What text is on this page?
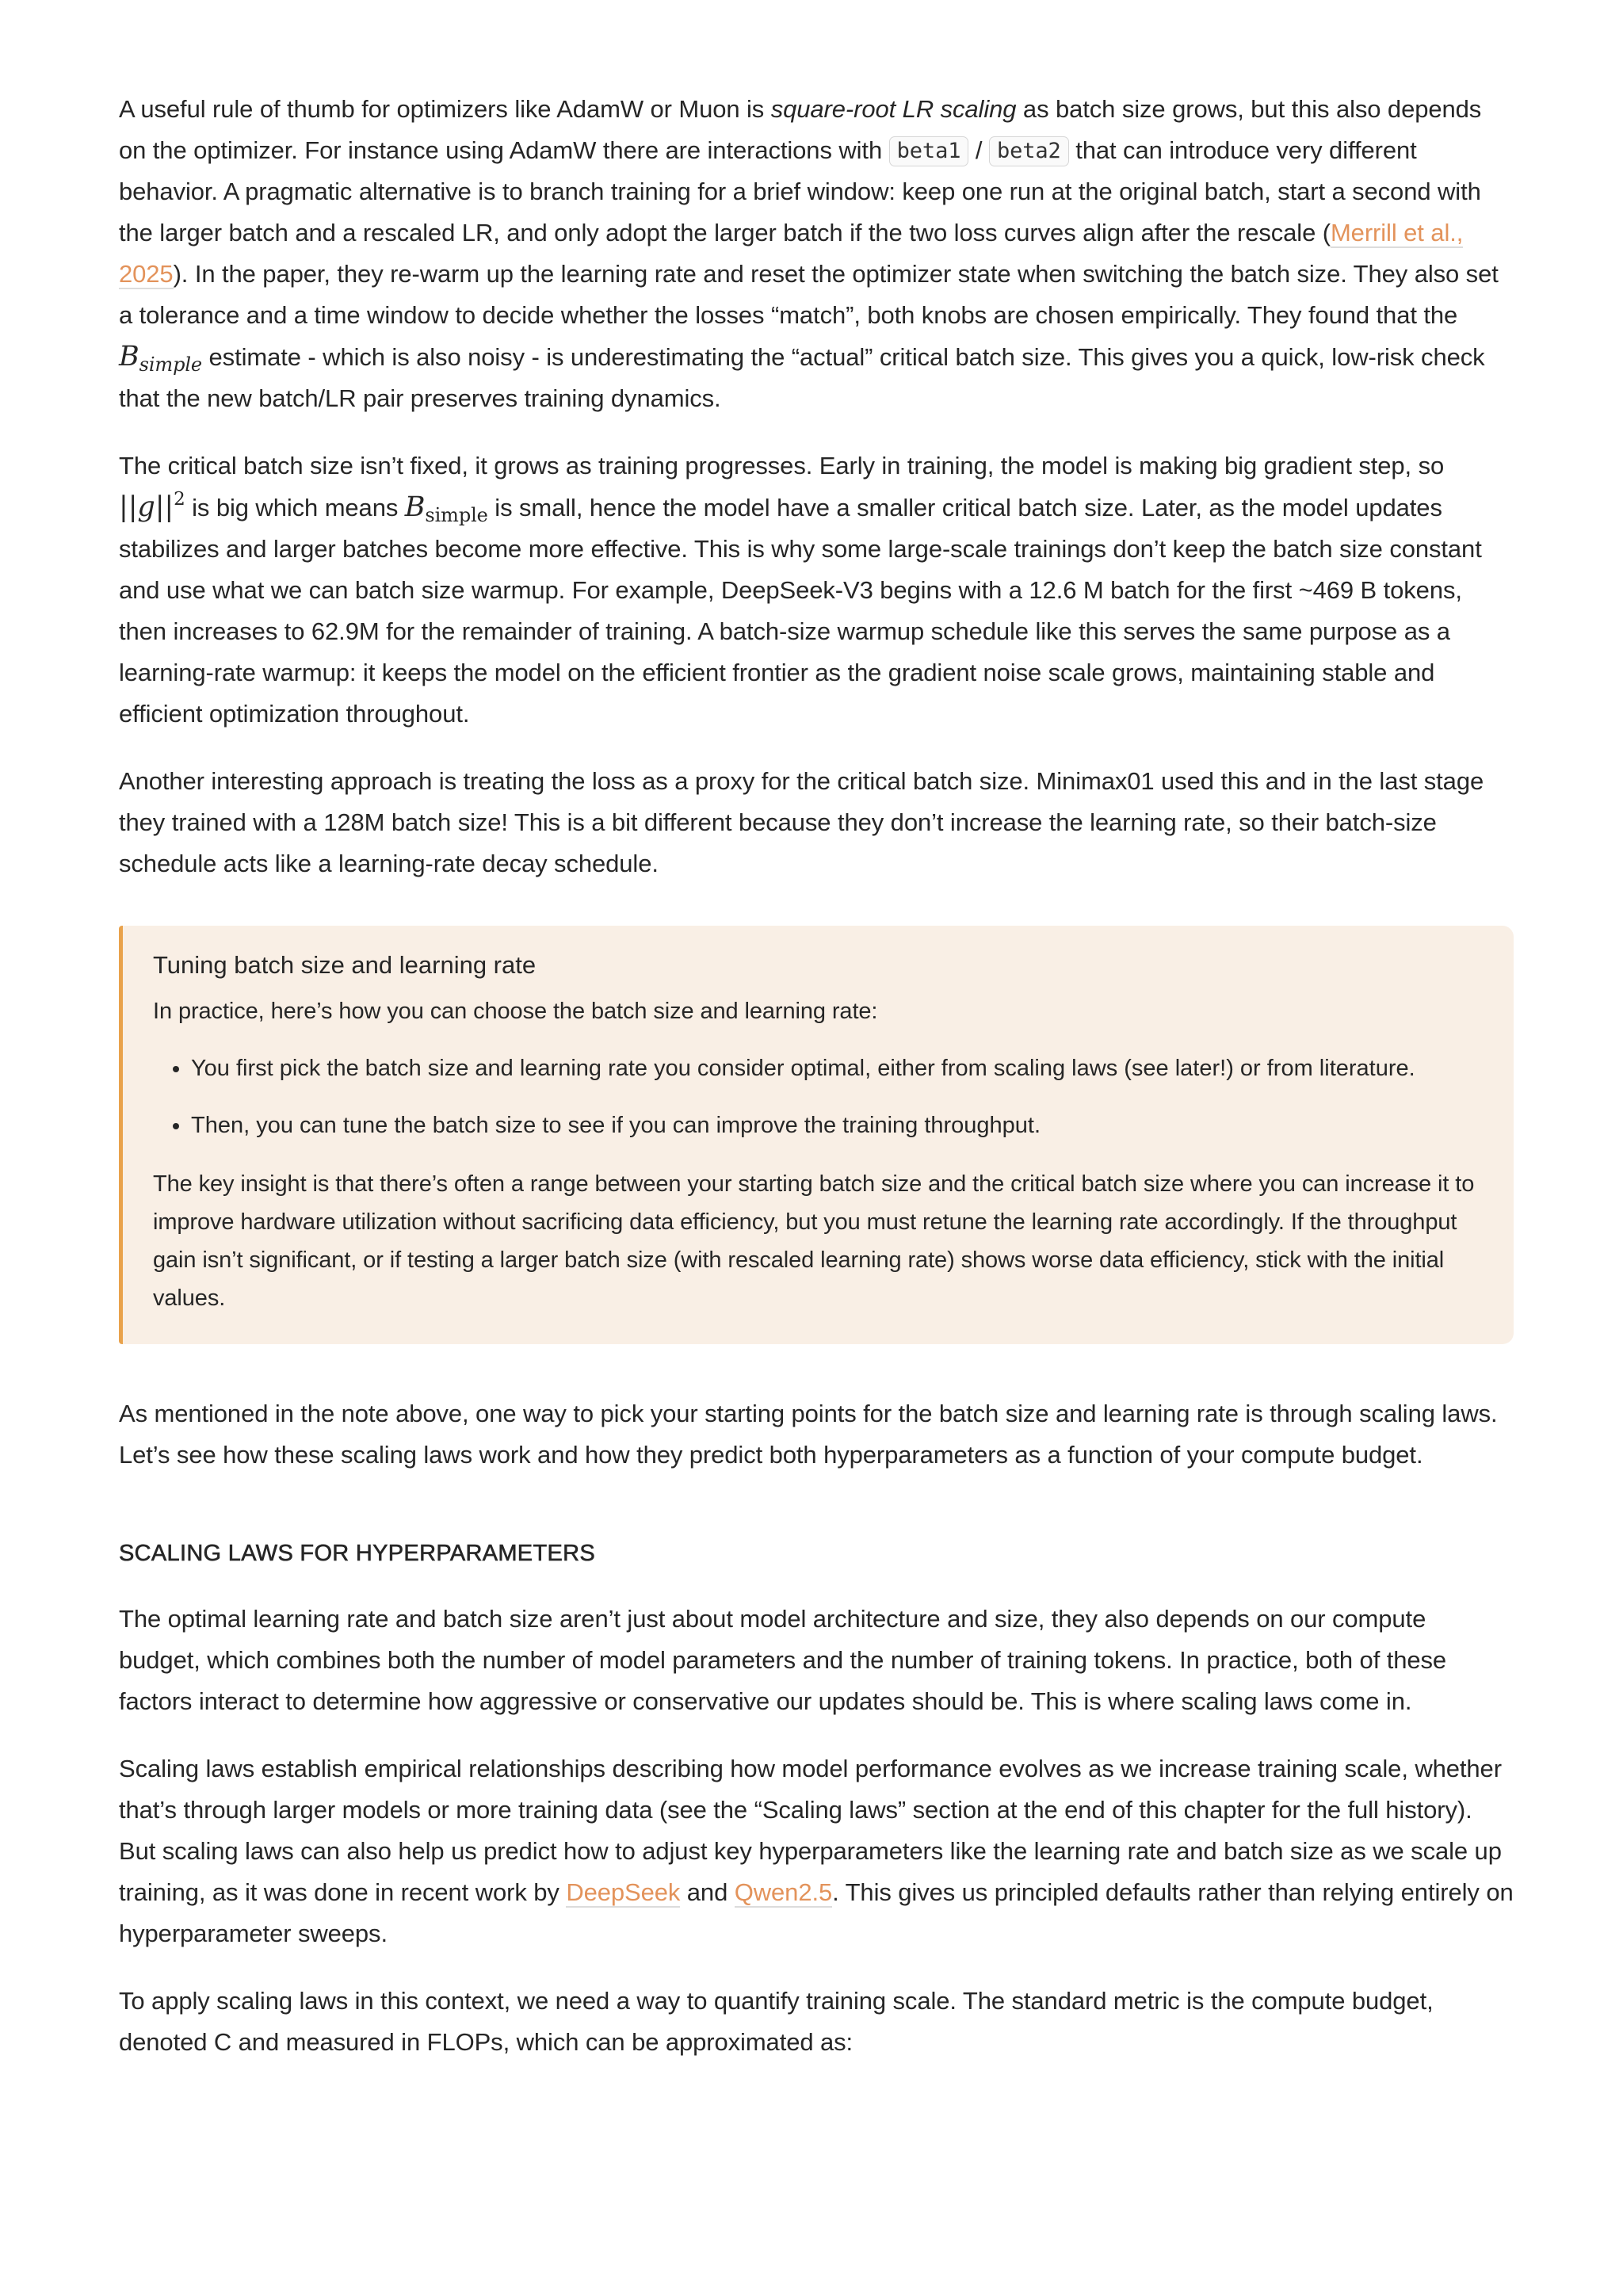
A useful rule of thumb for optimizers like AdamW or Muon is square-root LR scaling as batch size grows, but this also depends on the optimizer. For instance using AdamW there are interactions with beta1 / beta2 that can introduce very different behavior. A pragmatic alternative is to branch training for a brief window: keep one run at the original batch, start a second with the larger batch and a rescaled LR, and only adopt the larger batch if the two loss curves align after the rescale (Merrill et al., 2025). In the paper, they re-warm up the learning rate and reset the optimizer state when switching the batch size. They also set a tolerance and a time window to decide whether the losses “match”, both knobs are chosen empirically. They found that the $B_{simple}$ estimate - which is also noisy - is underestimating the “actual” critical batch size. This gives you a quick, low-risk check that the new batch/LR pair preserves training dynamics.

The critical batch size isn’t fixed, it grows as training progresses. Early in training, the model is making big gradient step, so $||g||^2$ is big which means $B_{simple}$ is small, hence the model have a smaller critical batch size. Later, as the model updates stabilizes and larger batches become more effective. This is why some large-scale trainings don’t keep the batch size constant and use what we can batch size warmup. For example, DeepSeek-V3 begins with a 12.6 M batch for the first ~469 B tokens, then increases to 62.9M for the remainder of training. A batch-size warmup schedule like this serves the same purpose as a learning-rate warmup: it keeps the model on the efficient frontier as the gradient noise scale grows, maintaining stable and efficient optimization throughout.

Another interesting approach is treating the loss as a proxy for the critical batch size. Minimax01 used this and in the last stage they trained with a 128M batch size! This is a bit different because they don’t increase the learning rate, so their batch-size schedule acts like a learning-rate decay schedule.

Tuning batch size and learning rate

In practice, here’s how you can choose the batch size and learning rate:

• You first pick the batch size and learning rate you consider optimal, either from scaling laws (see later!) or from literature.
• Then, you can tune the batch size to see if you can improve the training throughput.

The key insight is that there’s often a range between your starting batch size and the critical batch size where you can increase it to improve hardware utilization without sacrificing data efficiency, but you must retune the learning rate accordingly. If the throughput gain isn’t significant, or if testing a larger batch size (with rescaled learning rate) shows worse data efficiency, stick with the initial values.

As mentioned in the note above, one way to pick your starting points for the batch size and learning rate is through scaling laws. Let’s see how these scaling laws work and how they predict both hyperparameters as a function of your compute budget.

SCALING LAWS FOR HYPERPARAMETERS

The optimal learning rate and batch size aren’t just about model architecture and size, they also depends on our compute budget, which combines both the number of model parameters and the number of training tokens. In practice, both of these factors interact to determine how aggressive or conservative our updates should be. This is where scaling laws come in.

Scaling laws establish empirical relationships describing how model performance evolves as we increase training scale, whether that’s through larger models or more training data (see the “Scaling laws” section at the end of this chapter for the full history). But scaling laws can also help us predict how to adjust key hyperparameters like the learning rate and batch size as we scale up training, as it was done in recent work by DeepSeek and Qwen2.5. This gives us principled defaults rather than relying entirely on hyperparameter sweeps.

To apply scaling laws in this context, we need a way to quantify training scale. The standard metric is the compute budget, denoted C and measured in FLOPs, which can be approximated as:
